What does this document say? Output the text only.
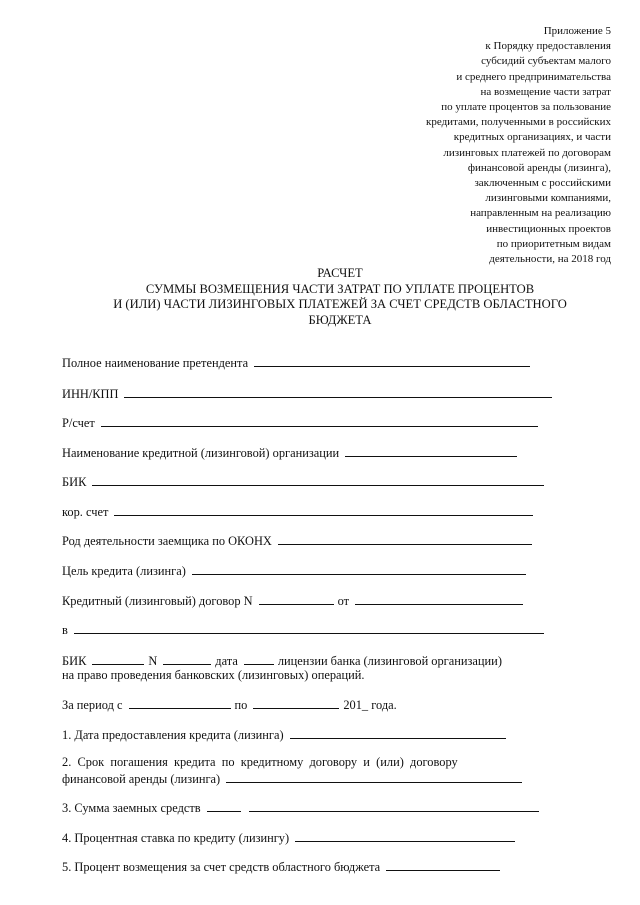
Приложение 5
к Порядку предоставления
субсидий субъектам малого
и среднего предпринимательства
на возмещение части затрат
по уплате процентов за пользование
кредитами, полученными в российских
кредитных организациях, и части
лизинговых платежей по договорам
финансовой аренды (лизинга),
заключенным с российскими
лизинговыми компаниями,
направленным на реализацию
инвестиционных проектов
по приоритетным видам
деятельности, на 2018 год
РАСЧЕТ
СУММЫ ВОЗМЕЩЕНИЯ ЧАСТИ ЗАТРАТ ПО УПЛАТЕ ПРОЦЕНТОВ
И (ИЛИ) ЧАСТИ ЛИЗИНГОВЫХ ПЛАТЕЖЕЙ ЗА СЧЕТ СРЕДСТВ ОБЛАСТНОГО
БЮДЖЕТА
Полное наименование претендента
ИНН/КПП
Р/счет
Наименование кредитной (лизинговой) организации
БИК
кор. счет
Род деятельности заемщика по ОКОНХ
Цель кредита (лизинга)
Кредитный (лизинговый) договор N	от
в
БИК	N	дата	лицензии банка (лизинговой организации)
на право проведения банковских (лизинговых) операций.
За период с	по	201_ года.
1. Дата предоставления кредита (лизинга)
2.  Срок  погашения  кредита  по  кредитному  договору  и  (или)  договору
финансовой аренды (лизинга)
3. Сумма заемных средств
4. Процентная ставка по кредиту (лизингу)
5. Процент возмещения за счет средств областного бюджета
